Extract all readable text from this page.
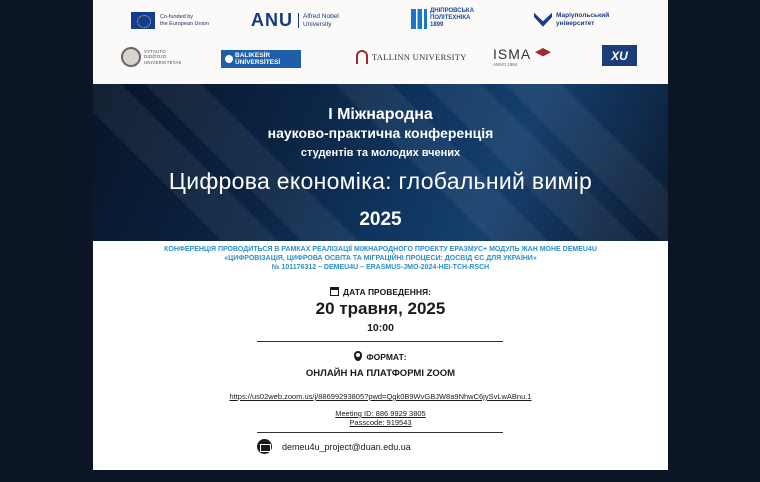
Co-funded by
the European Union ANU	Alfred Nobel
University
ДНІПРОВСЬКА
ПОЛІТЕХНІКА
1899
Маріупольський
університет
VYTAUTO
DIDŽIOJO
UNIVERSITETAS
BALIKESİR
ÜNİVERSİTESİ
TALLINN UNIVERSITY ISMA
ANNO 1994
XU
І Міжнародна
науково-практична конференція
студентів та молодих вчених
Цифрова економіка: глобальний вимір
2025
КОНФЕРЕНЦІЯ ПРОВОДИТЬСЯ В РАМКАХ РЕАЛІЗАЦІЇ МІЖНАРОДНОГО ПРОЕКТУ ЕРАЗМУС+ МОДУЛЬ ЖАН МОНЕ DEMEU4U
«ЦИФРОВІЗАЦІЯ, ЦИФРОВА ОСВІТА ТА МІГРАЦІЙНІ ПРОЦЕСИ: ДОСВІД ЄС ДЛЯ УКРАЇНИ»
№ 101176312 – DEMEU4U – ERASMUS-JMO-2024-HEI-TCH-RSCH
ДАТА ПРОВЕДЕННЯ:
20 травня, 2025
10:00
ФОРМАТ:
ОНЛАЙН НА ПЛАТФОРМІ ZOOM
https://us02web.zoom.us/j/88699293805?pwd=Qgk0B9WvGBJW8a9NhwC6jySvLwABnu.1
Meeting ID: 886 9929 3805
Passcode: 919543
demeu4u_project@duan.edu.ua
